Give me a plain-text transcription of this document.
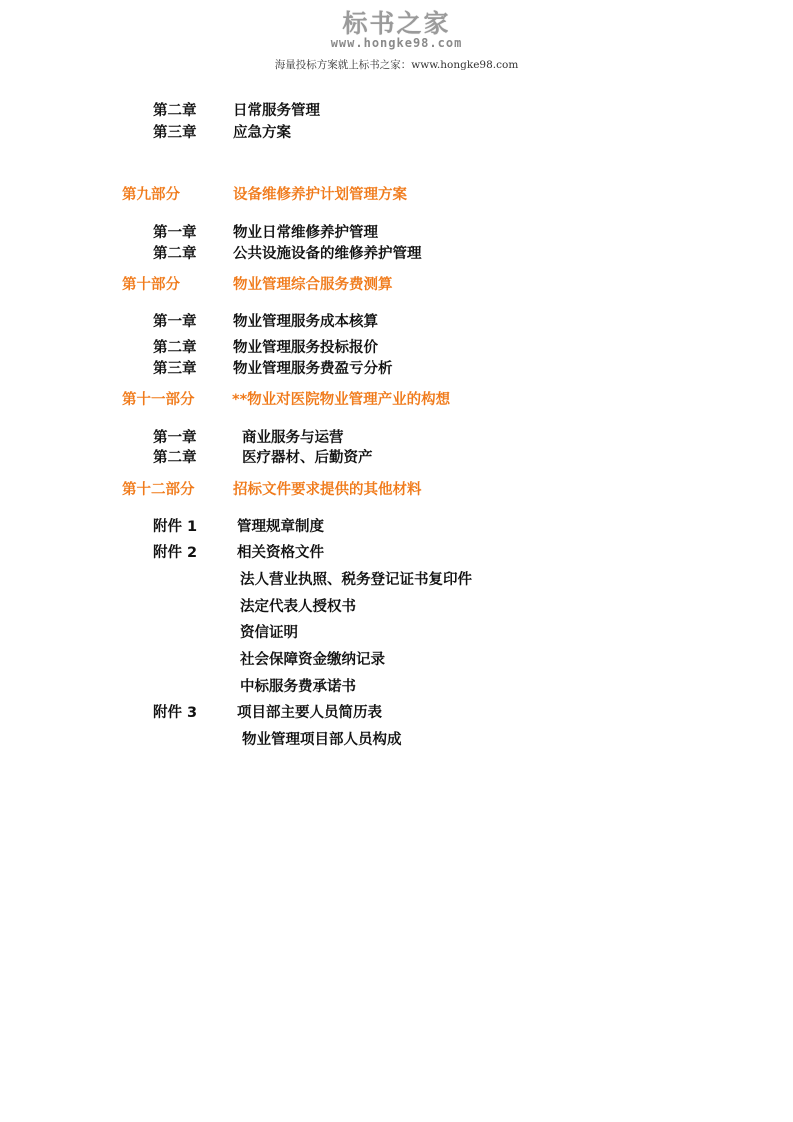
标书之家
www.hongke98.com
海量投标方案就上标书之家：www.hongke98.com
第二章	日常服务管理
第三章	应急方案
第九部分	设备维修养护计划管理方案
第一章	物业日常维修养护管理
第二章	公共设施设备的维修养护管理
第十部分	物业管理综合服务费测算
第一章	物业管理服务成本核算
第二章	物业管理服务投标报价
第三章	物业管理服务费盈亏分析
第十一部分	**物业对医院物业管理产业的构想
第一章	商业服务与运营
第二章	医疗器材、后勤资产
第十二部分	招标文件要求提供的其他材料
附件 1	管理规章制度
附件 2	相关资格文件
法人营业执照、税务登记证书复印件
法定代表人授权书
资信证明
社会保障资金缴纳记录
中标服务费承诺书
附件 3	项目部主要人员简历表
物业管理项目部人员构成
